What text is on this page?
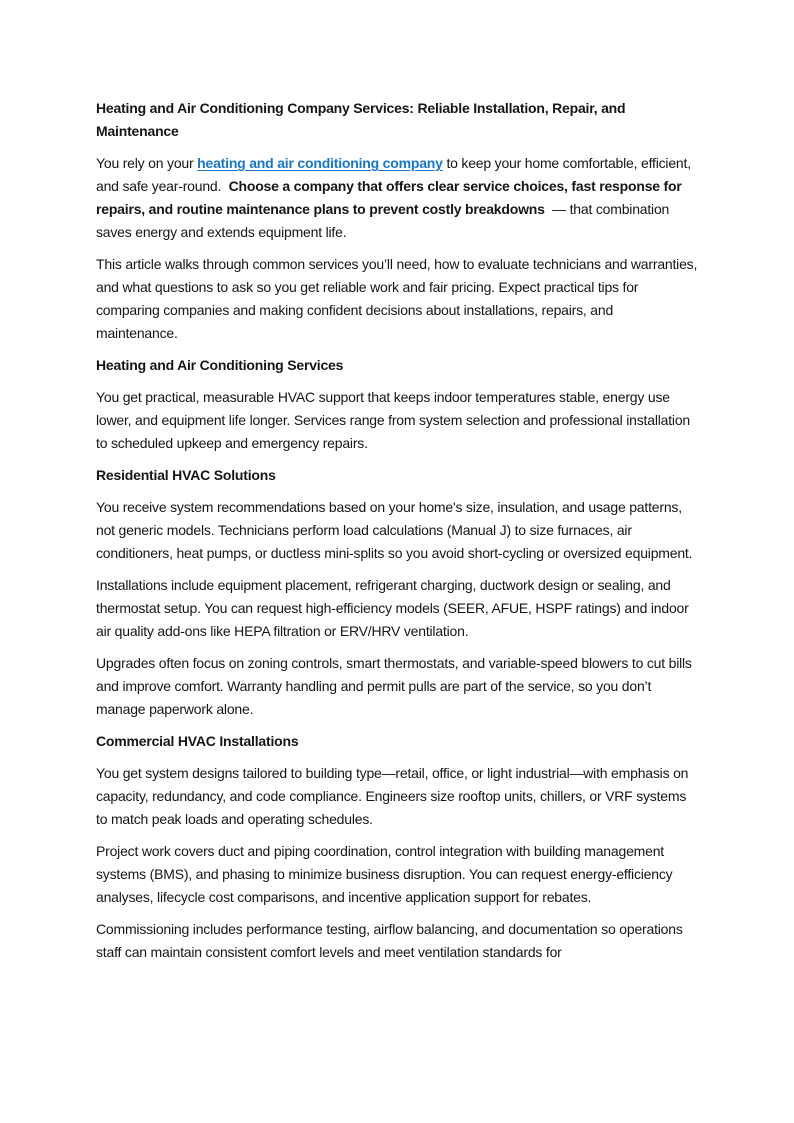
Heating and Air Conditioning Company Services: Reliable Installation, Repair, and Maintenance

You rely on your heating and air conditioning company to keep your home comfortable, efficient, and safe year-round.  Choose a company that offers clear service choices, fast response for repairs, and routine maintenance plans to prevent costly breakdowns  — that combination saves energy and extends equipment life.

This article walks through common services you’ll need, how to evaluate technicians and warranties, and what questions to ask so you get reliable work and fair pricing. Expect practical tips for comparing companies and making confident decisions about installations, repairs, and maintenance.

Heating and Air Conditioning Services

You get practical, measurable HVAC support that keeps indoor temperatures stable, energy use lower, and equipment life longer. Services range from system selection and professional installation to scheduled upkeep and emergency repairs.

Residential HVAC Solutions

You receive system recommendations based on your home's size, insulation, and usage patterns, not generic models. Technicians perform load calculations (Manual J) to size furnaces, air conditioners, heat pumps, or ductless mini-splits so you avoid short-cycling or oversized equipment.

Installations include equipment placement, refrigerant charging, ductwork design or sealing, and thermostat setup. You can request high-efficiency models (SEER, AFUE, HSPF ratings) and indoor air quality add-ons like HEPA filtration or ERV/HRV ventilation.

Upgrades often focus on zoning controls, smart thermostats, and variable-speed blowers to cut bills and improve comfort. Warranty handling and permit pulls are part of the service, so you don’t manage paperwork alone.

Commercial HVAC Installations

You get system designs tailored to building type—retail, office, or light industrial—with emphasis on capacity, redundancy, and code compliance. Engineers size rooftop units, chillers, or VRF systems to match peak loads and operating schedules.

Project work covers duct and piping coordination, control integration with building management systems (BMS), and phasing to minimize business disruption. You can request energy-efficiency analyses, lifecycle cost comparisons, and incentive application support for rebates.

Commissioning includes performance testing, airflow balancing, and documentation so operations staff can maintain consistent comfort levels and meet ventilation standards for
